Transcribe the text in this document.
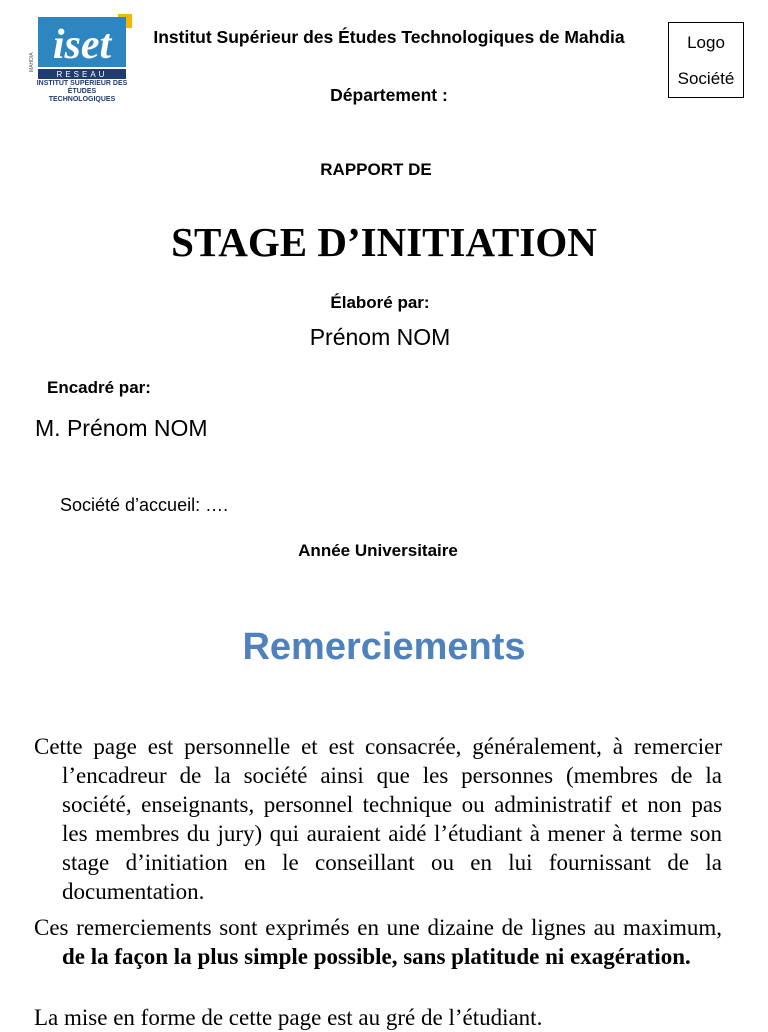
iset
RESEAU
MAHDIA
INSTITUT SUPÉRIEUR DES ÉTUDES TECHNOLOGIQUES
Institut Supérieur des Études Technologiques de Mahdia
Département :
Logo
Société
RAPPORT DE
STAGE D’INITIATION
Élaboré par:
Prénom NOM
Encadré par:
M. Prénom NOM
Société d’accueil: ….
Année Universitaire
Remerciements
Cette page est personnelle et est consacrée, généralement, à remercier l’encadreur de la société ainsi que les personnes (membres de la société, enseignants, personnel technique ou administratif et non pas les membres du jury) qui auraient aidé l’étudiant à mener à terme son stage d’initiation en le conseillant ou en lui fournissant de la documentation.
Ces remerciements sont exprimés en une dizaine de lignes au maximum, de la façon la plus simple possible, sans platitude ni exagération.
La mise en forme de cette page est au gré de l’étudiant.
